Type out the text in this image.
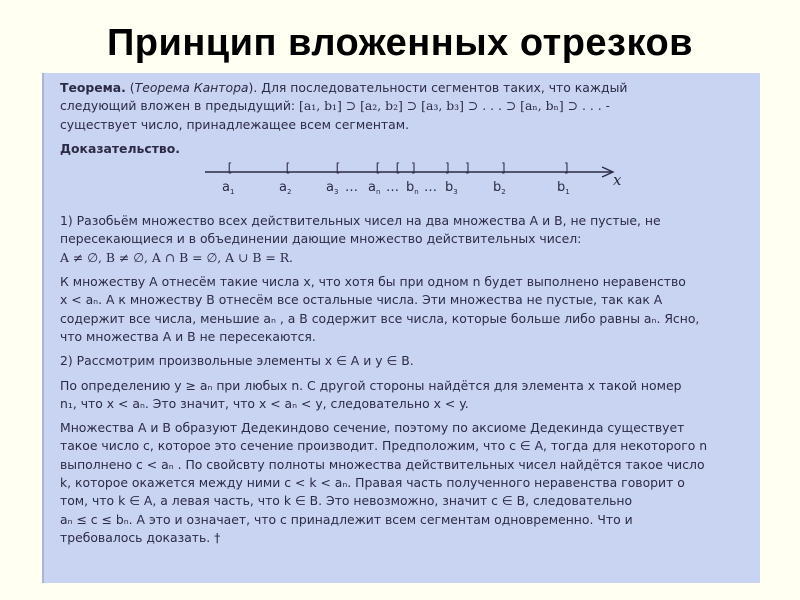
Принцип вложенных отрезков
Теорема. (Теорема Кантора). Для последовательности сегментов таких, что каждый
следующий вложен в предыдущий: [a₁, b₁] ⊃ [a₂, b₂] ⊃ [a₃, b₃] ⊃ . . . ⊃ [aₙ, bₙ] ⊃ . . . -
существует число, принадлежащее всем сегментам.
Доказательство.
x
[	[	[	[ [ ] ] ] ]	]
$a_1$	$a_2$	$a_3$ … $a_n$ … $b_n$ … $b_3$	$b_2$	$b_1$
1) Разобьём множество всех действительных чисел на два множества A и B, не пустые, не
пересекающиеся и в объединении дающие множество действительных чисел:
A ≠ ∅, B ≠ ∅, A ∩ B = ∅, A ∪ B = R.
К множеству A отнесём такие числа x, что хотя бы при одном n будет выполнено неравенство
x < aₙ. А к множеству B отнесём все остальные числа. Эти множества не пустые, так как A
содержит все числа, меньшие aₙ , а B содержит все числа, которые больше либо равны aₙ. Ясно,
что множества A и B не пересекаются.
2) Рассмотрим произвольные элементы x ∈ A и y ∈ B.
По определению y ≥ aₙ при любых n. С другой стороны найдётся для элемента x такой номер
n₁, что x < aₙ. Это значит, что x < aₙ < y, следовательно x < y.
Множества A и B образуют Дедекиндово сечение, поэтому по аксиоме Дедекинда существует
такое число c, которое это сечение производит. Предположим, что c ∈ A, тогда для некоторого n
выполнено c < aₙ . По свойсвту полноты множества действительных чисел найдётся такое число
k, которое окажется между ними c < k < aₙ. Правая часть полученного неравенства говорит о
том, что k ∈ A, а левая часть, что k ∈ B. Это невозможно, значит c ∈ B, следовательно
aₙ ≤ c ≤ bₙ. А это и означает, что c принадлежит всем сегментам одновременно. Что и
требовалось доказать. †
